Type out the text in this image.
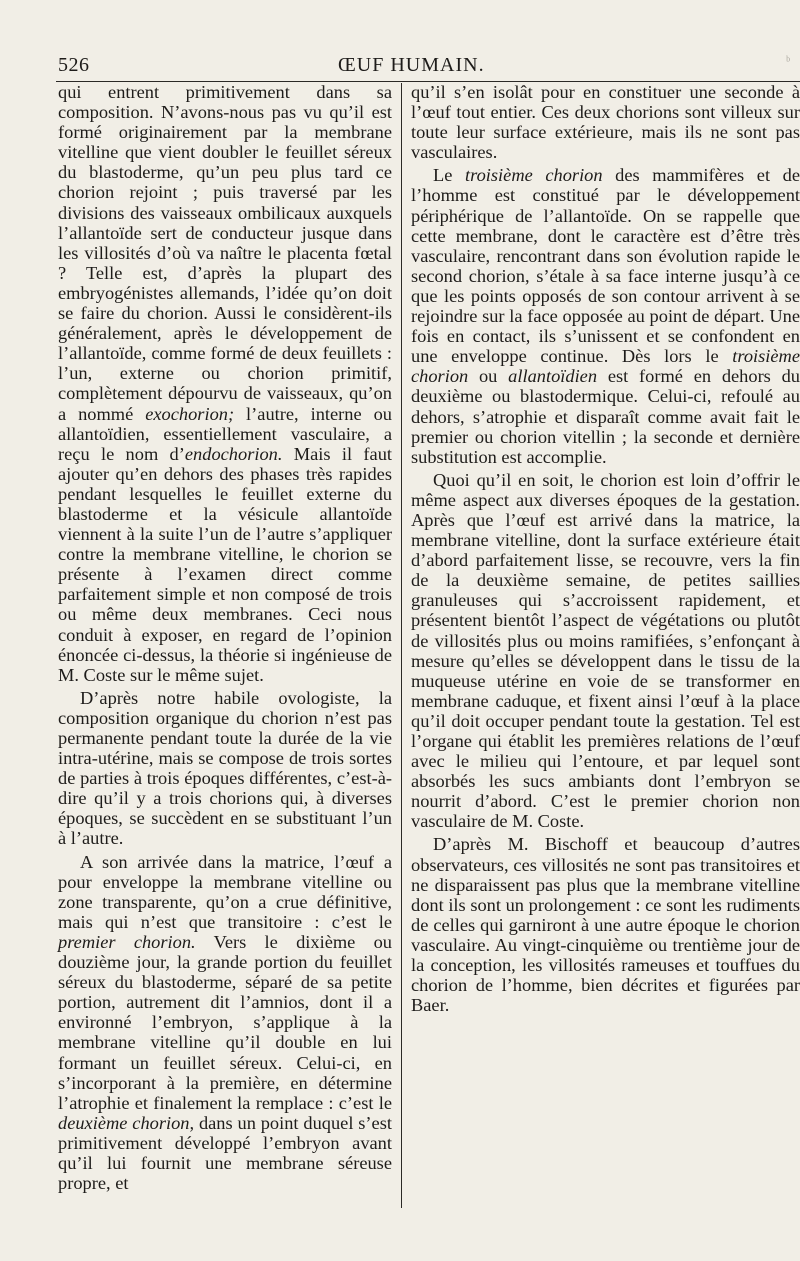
526	ŒUF HUMAIN.	ᵇ

qui entrent primitivement dans sa composition. N’avons-nous pas vu qu’il est formé originairement par la membrane vitelline que vient doubler le feuillet séreux du blastoderme, qu’un peu plus tard ce chorion rejoint ; puis traversé par les divisions des vaisseaux ombilicaux auxquels l’allantoïde sert de conducteur jusque dans les villosités d’où va naître le placenta fœtal ? Telle est, d’après la plupart des embryogénistes allemands, l’idée qu’on doit se faire du chorion. Aussi le considèrent-ils généralement, après le développement de l’allantoïde, comme formé de deux feuillets : l’un, externe ou chorion primitif, complètement dépourvu de vaisseaux, qu’on a nommé exochorion; l’autre, interne ou allantoïdien, essentiellement vasculaire, a reçu le nom d’endochorion. Mais il faut ajouter qu’en dehors des phases très rapides pendant lesquelles le feuillet externe du blastoderme et la vésicule allantoïde viennent à la suite l’un de l’autre s’appliquer contre la membrane vitelline, le chorion se présente à l’examen direct comme parfaitement simple et non composé de trois ou même deux membranes. Ceci nous conduit à exposer, en regard de l’opinion énoncée ci-dessus, la théorie si ingénieuse de M. Coste sur le même sujet.

D’après notre habile ovologiste, la composition organique du chorion n’est pas permanente pendant toute la durée de la vie intra-utérine, mais se compose de trois sortes de parties à trois époques différentes, c’est-à-dire qu’il y a trois chorions qui, à diverses époques, se succèdent en se substituant l’un à l’autre.

A son arrivée dans la matrice, l’œuf a pour enveloppe la membrane vitelline ou zone transparente, qu’on a crue définitive, mais qui n’est que transitoire : c’est le premier chorion. Vers le dixième ou douzième jour, la grande portion du feuillet séreux du blastoderme, séparé de sa petite portion, autrement dit l’amnios, dont il a environné l’embryon, s’applique à la membrane vitelline qu’il double en lui formant un feuillet séreux. Celui-ci, en s’incorporant à la première, en détermine l’atrophie et finalement la remplace : c’est le deuxième chorion, dans un point duquel s’est primitivement développé l’embryon avant qu’il lui fournit une membrane séreuse propre, et

qu’il s’en isolât pour en constituer une seconde à l’œuf tout entier. Ces deux chorions sont villeux sur toute leur surface extérieure, mais ils ne sont pas vasculaires.

Le troisième chorion des mammifères et de l’homme est constitué par le développement périphérique de l’allantoïde. On se rappelle que cette membrane, dont le caractère est d’être très vasculaire, rencontrant dans son évolution rapide le second chorion, s’étale à sa face interne jusqu’à ce que les points opposés de son contour arrivent à se rejoindre sur la face opposée au point de départ. Une fois en contact, ils s’unissent et se confondent en une enveloppe continue. Dès lors le troisième chorion ou allantoïdien est formé en dehors du deuxième ou blastodermique. Celui-ci, refoulé au dehors, s’atrophie et disparaît comme avait fait le premier ou chorion vitellin ; la seconde et dernière substitution est accomplie.

Quoi qu’il en soit, le chorion est loin d’offrir le même aspect aux diverses époques de la gestation. Après que l’œuf est arrivé dans la matrice, la membrane vitelline, dont la surface extérieure était d’abord parfaitement lisse, se recouvre, vers la fin de la deuxième semaine, de petites saillies granuleuses qui s’accroissent rapidement, et présentent bientôt l’aspect de végétations ou plutôt de villosités plus ou moins ramifiées, s’enfonçant à mesure qu’elles se développent dans le tissu de la muqueuse utérine en voie de se transformer en membrane caduque, et fixent ainsi l’œuf à la place qu’il doit occuper pendant toute la gestation. Tel est l’organe qui établit les premières relations de l’œuf avec le milieu qui l’entoure, et par lequel sont absorbés les sucs ambiants dont l’embryon se nourrit d’abord. C’est le premier chorion non vasculaire de M. Coste.

D’après M. Bischoff et beaucoup d’autres observateurs, ces villosités ne sont pas transitoires et ne disparaissent pas plus que la membrane vitelline dont ils sont un prolongement : ce sont les rudiments de celles qui garniront à une autre époque le chorion vasculaire. Au vingt-cinquième ou trentième jour de la conception, les villosités rameuses et touffues du chorion de l’homme, bien décrites et figurées par Baer.
